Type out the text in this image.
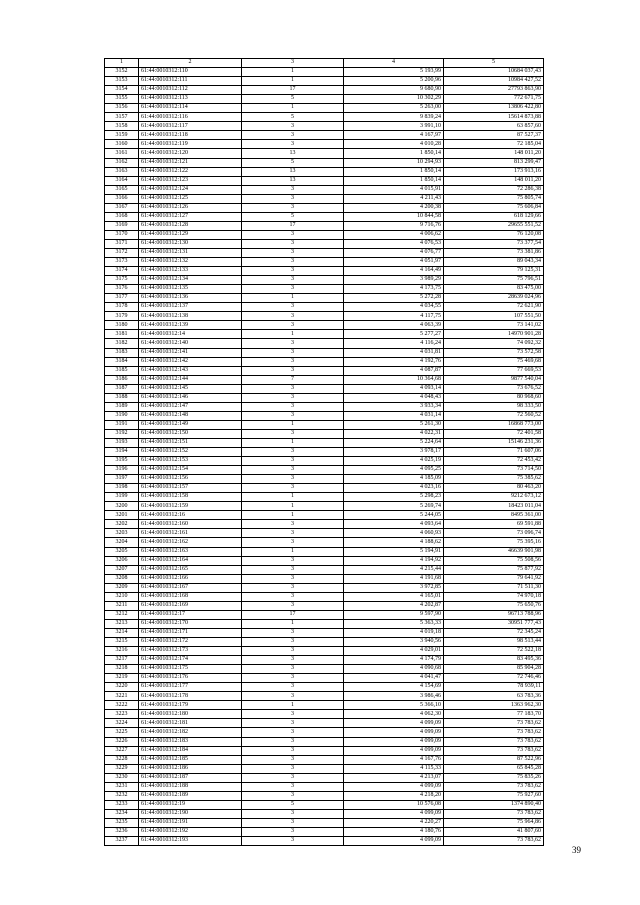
1	2	3	4	5
3152	61:44:0010312:110	1	5 193,99	10684 037,43
3153	61:44:0010312:111	1	5 200,96	10984 427,52
3154	61:44:0010312:112	17	9 680,90	27793 863,90
3155	61:44:0010312:113	5	10 302,29	772 671,75
3156	61:44:0010312:114	1	5 263,00	13806 422,80
3157	61:44:0010312:116	5	9 839,24	15614 873,88
3158	61:44:0010312:117	3	3 991,10	63 857,60
3159	61:44:0010312:118	3	4 167,97	87 527,37
3160	61:44:0010312:119	3	4 010,28	72 185,04
3161	61:44:0010312:120	13	1 850,14	148 011,20
3162	61:44:0010312:121	5	10 294,93	813 299,47
3163	61:44:0010312:122	13	1 850,14	173 913,16
3164	61:44:0010312:123	13	1 850,14	148 011,20
3165	61:44:0010312:124	3	4 015,91	72 286,38
3166	61:44:0010312:125	3	4 211,43	75 805,74
3167	61:44:0010312:126	3	4 200,38	75 606,84
3168	61:44:0010312:127	5	10 844,58	618 129,66
3169	61:44:0010312:128	17	9 716,76	29655 551,52
3170	61:44:0010312:129	3	4 006,62	76 120,08
3171	61:44:0010312:130	3	4 076,53	73 377,54
3172	61:44:0010312:131	3	4 076,77	73 381,86
3173	61:44:0010312:132	3	4 051,97	89 043,34
3174	61:44:0010312:133	3	4 164,49	79 125,31
3175	61:44:0010312:134	3	3 989,29	75 796,51
3176	61:44:0010312:135	3	4 173,75	83 475,00
3177	61:44:0010312:136	1	5 272,28	28639 024,96
3178	61:44:0010312:137	3	4 034,55	72 621,90
3179	61:44:0010312:138	3	4 117,75	107 551,50
3180	61:44:0010312:139	3	4 063,39	73 141,02
3181	61:44:0010312:14	1	5 277,27	14970 901,28
3182	61:44:0010312:140	3	4 116,24	74 092,32
3183	61:44:0010312:141	3	4 031,81	73 572,58
3184	61:44:0010312:142	3	4 192,76	75 469,68
3185	61:44:0010312:143	3	4 087,87	77 669,53
3186	61:44:0010312:144	7	10 364,68	9877 540,04
3187	61:44:0010312:145	3	4 093,14	73 676,52
3188	61:44:0010312:146	3	4 048,43	80 968,60
3189	61:44:0010312:147	3	3 933,34	98 333,50
3190	61:44:0010312:148	3	4 031,14	72 560,52
3191	61:44:0010312:149	1	5 261,30	16868 773,00
3192	61:44:0010312:150	3	4 022,31	72 401,58
3193	61:44:0010312:151	1	5 224,64	15146 231,36
3194	61:44:0010312:152	3	3 978,17	71 607,06
3195	61:44:0010312:153	3	4 025,19	72 453,42
3196	61:44:0010312:154	3	4 095,25	73 714,50
3197	61:44:0010312:156	3	4 185,09	75 385,62
3198	61:44:0010312:157	3	4 023,16	80 463,20
3199	61:44:0010312:158	1	5 298,23	9212 673,12
3200	61:44:0010312:159	1	5 269,74	18423 011,04
3201	61:44:0010312:16	1	5 244,05	8495 361,00
3202	61:44:0010312:160	3	4 093,64	69 591,88
3203	61:44:0010312:161	3	4 060,93	73 096,74
3204	61:44:0010312:162	3	4 188,62	75 395,16
3205	61:44:0010312:163	1	5 194,91	46639 901,98
3206	61:44:0010312:164	3	4 194,92	75 508,56
3207	61:44:0010312:165	3	4 215,44	75 877,92
3208	61:44:0010312:166	3	4 191,68	79 641,92
3209	61:44:0010312:167	3	3 972,85	71 511,30
3210	61:44:0010312:168	3	4 165,01	74 970,18
3211	61:44:0010312:169	3	4 202,87	75 650,76
3212	61:44:0010312:17	17	9 597,90	96713 788,96
3213	61:44:0010312:170	1	5 363,33	30951 777,43
3214	61:44:0010312:171	3	4 019,18	72 345,24
3215	61:44:0010312:172	3	3 940,56	98 513,44
3216	61:44:0010312:173	3	4 029,01	72 522,18
3217	61:44:0010312:174	3	4 174,79	83 495,36
3218	61:44:0010312:175	3	4 090,68	85 904,28
3219	61:44:0010312:176	3	4 041,47	72 746,46
3220	61:44:0010312:177	3	4 154,69	78 939,11
3221	61:44:0010312:178	3	3 986,46	63 783,36
3222	61:44:0010312:179	1	5 366,10	1363 962,30
3223	61:44:0010312:180	3	4 062,30	77 183,70
3224	61:44:0010312:181	3	4 099,09	73 783,62
3225	61:44:0010312:182	3	4 099,09	73 783,62
3226	61:44:0010312:183	3	4 099,09	73 783,62
3227	61:44:0010312:184	3	4 099,09	73 783,62
3228	61:44:0010312:185	3	4 167,76	87 522,96
3229	61:44:0010312:186	3	4 115,33	65 845,28
3230	61:44:0010312:187	3	4 213,07	75 835,26
3231	61:44:0010312:188	3	4 099,09	73 783,62
3232	61:44:0010312:189	3	4 218,20	75 927,60
3233	61:44:0010312:19	5	10 576,08	1374 890,40
3234	61:44:0010312:190	3	4 099,09	73 783,62
3235	61:44:0010312:191	3	4 220,27	75 964,86
3236	61:44:0010312:192	3	4 180,76	41 807,60
3237	61:44:0010312:193	3	4 099,09	73 783,62
39
